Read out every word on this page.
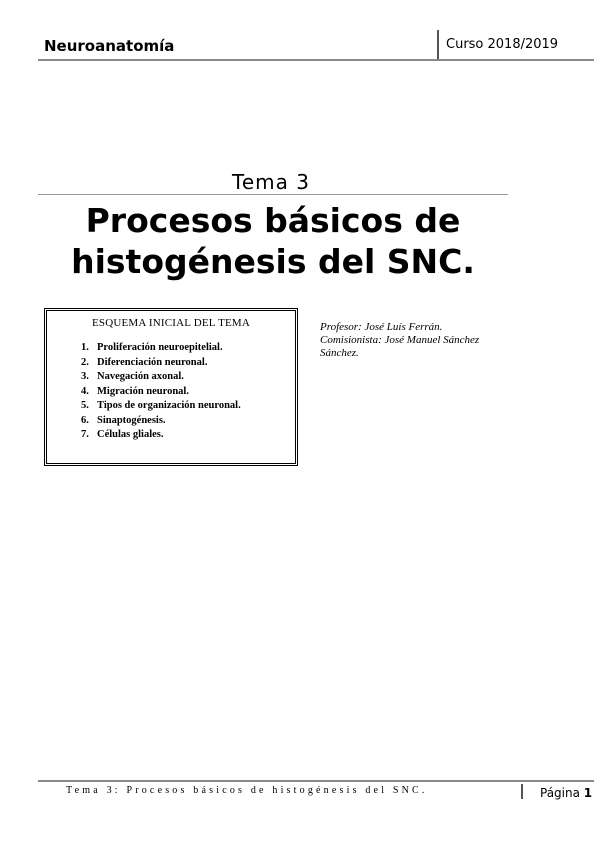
Neuroanatomía	Curso 2018/2019
Tema 3
Procesos básicos de histogénesis del SNC.
ESQUEMA INICIAL DEL TEMA
1. Proliferación neuroepitelial.
2. Diferenciación neuronal.
3. Navegación axonal.
4. Migración neuronal.
5. Tipos de organización neuronal.
6. Sinaptogénesis.
7. Células gliales.
Profesor: José Luís Ferrán.
Comisionista: José Manuel Sánchez Sánchez.
Tema 3: Procesos básicos de histogénesis del SNC.	Página 1
